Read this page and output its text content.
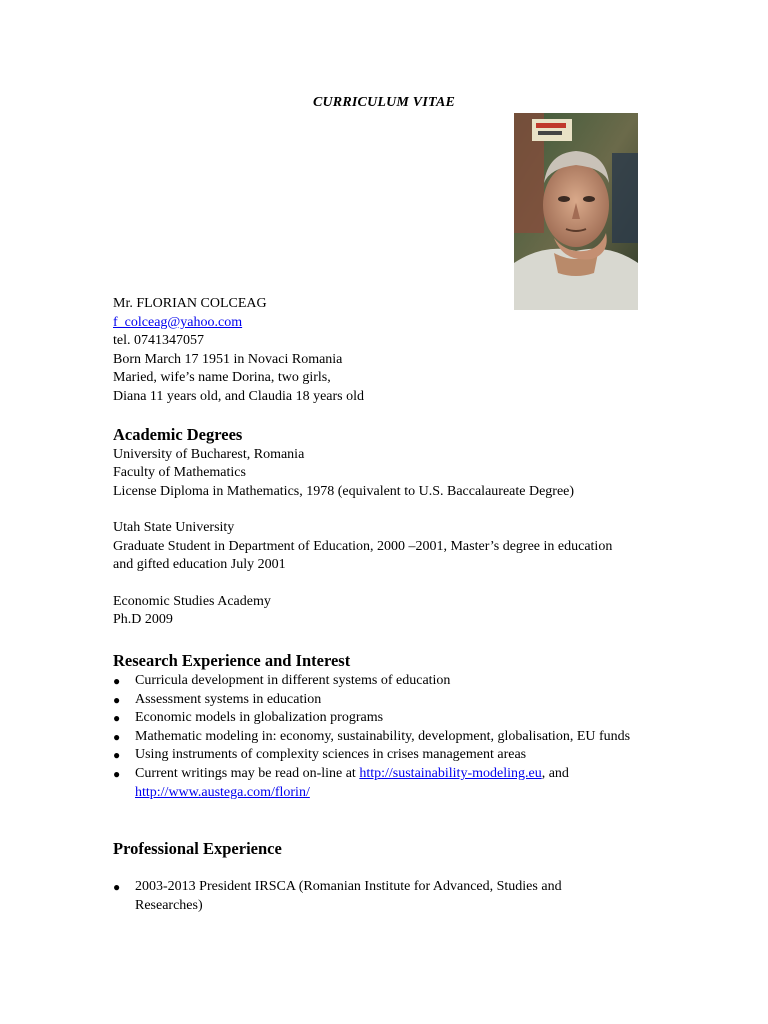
CURRICULUM VITAE
Mr. FLORIAN COLCEAG
f_colceag@yahoo.com
tel. 0741347057
Born March 17 1951 in Novaci Romania
Maried, wife’s name Dorina, two girls,
Diana 11 years old, and Claudia 18 years old
Academic Degrees
University of Bucharest, Romania
Faculty of Mathematics
License Diploma in Mathematics, 1978 (equivalent to U.S. Baccalaureate Degree)
Utah State University
Graduate Student in Department of Education, 2000 –2001, Master’s degree in education
and gifted education July 2001
Economic Studies Academy
Ph.D 2009
Research Experience and Interest
●	Curricula development in different systems of education
●	Assessment systems in education
●	Economic models in globalization programs
●	Mathematic modeling in: economy, sustainability, development, globalisation, EU funds
●	Using instruments of complexity sciences in crises management areas
●	Current writings may be read on-line at http://sustainability-modeling.eu, and
http://www.austega.com/florin/
Professional Experience
●	2003-2013 President IRSCA (Romanian Institute for Advanced, Studies and
Researches)
